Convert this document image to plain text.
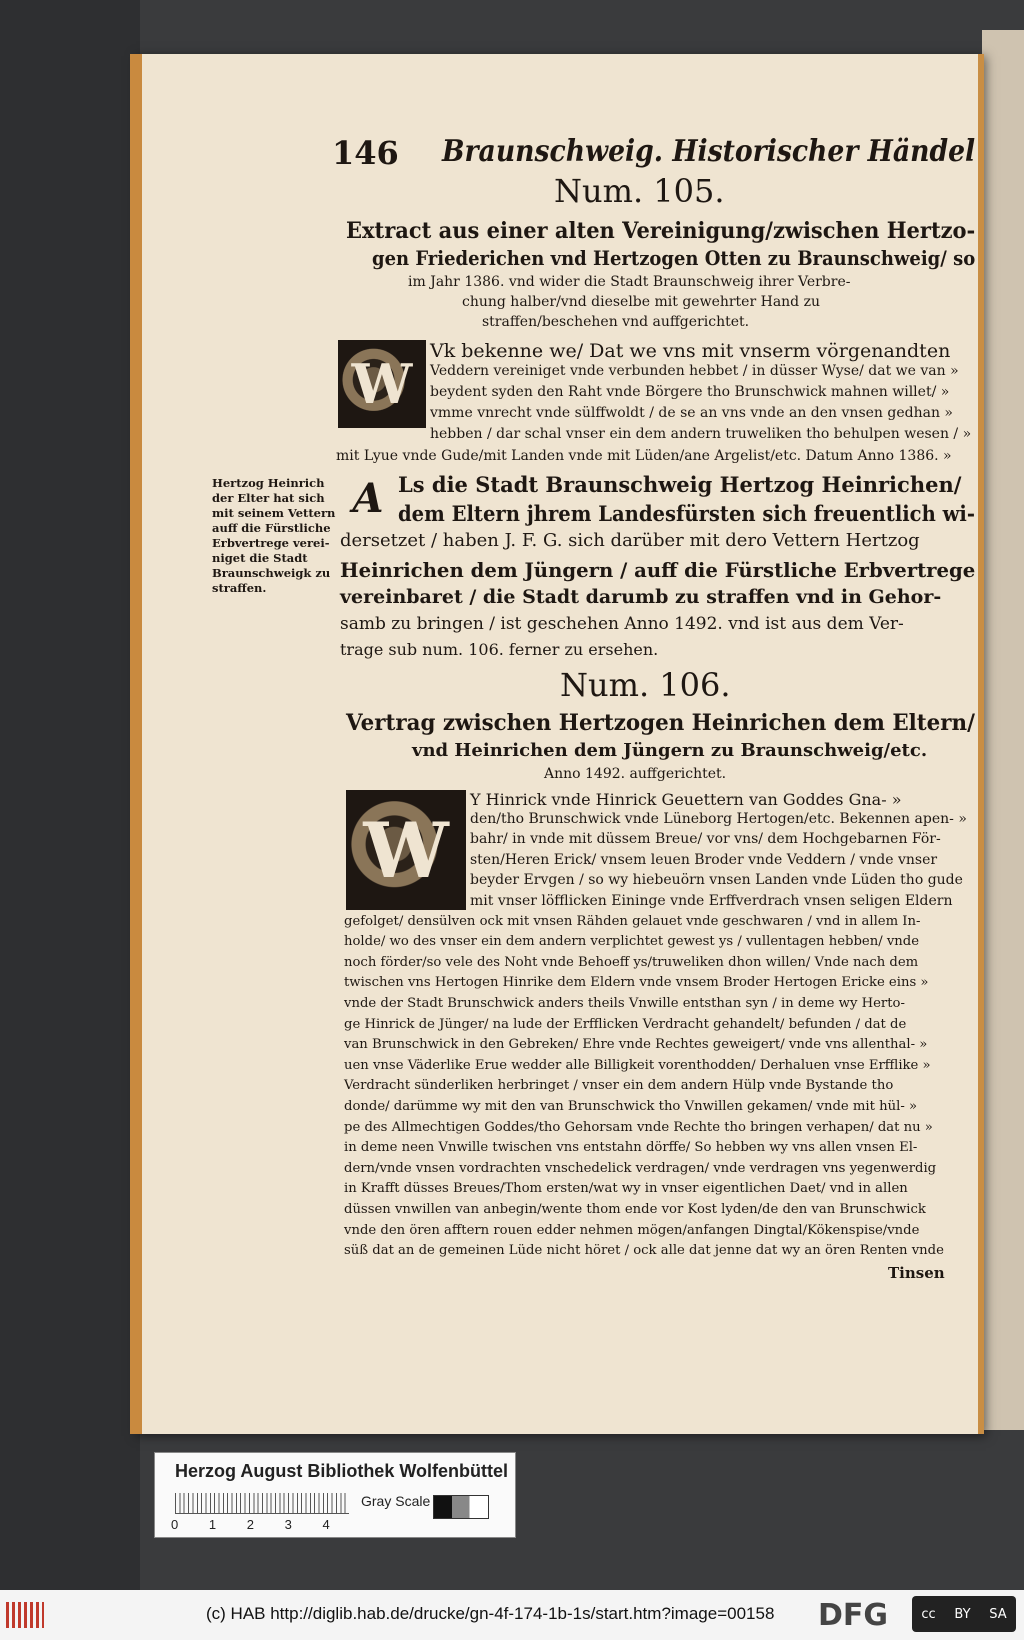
146 Braunschweig. Historischer Händel
Num. 105.
Extract aus einer alten Vereinigung/zwischen Hertzo-
gen Friederichen vnd Hertzogen Otten zu Braunschweig/ so
im Jahr 1386. vnd wider die Stadt Braunschweig ihrer Verbre-
chung halber/vnd dieselbe mit gewehrter Hand zu
straffen/beschehen vnd auffgerichtet.
W
Vk bekenne we/ Dat we vns mit vnserm vörgenandten
Veddern vereiniget vnde verbunden hebbet / in düsser Wyse/ dat we van »
beydent syden den Raht vnde Börgere tho Brunschwick mahnen willet/ »
vmme vnrecht vnde sülffwoldt / de se an vns vnde an den vnsen gedhan »
hebben / dar schal vnser ein dem andern truweliken tho behulpen wesen / »
mit Lyue vnde Gude/mit Landen vnde mit Lüden/ane Argelist/etc. Datum Anno 1386. »
Hertzog Heinrich
der Elter hat sich
mit seinem Vettern
auff die Fürstliche
Erbvertrege verei-
niget die Stadt
Braunschweigk zu
straffen.
A Ls die Stadt Braunschweig Hertzog Heinrichen/
dem Eltern jhrem Landesfürsten sich freuentlich wi-
dersetzet / haben J. F. G. sich darüber mit dero Vettern Hertzog
Heinrichen dem Jüngern / auff die Fürstliche Erbvertrege
vereinbaret / die Stadt darumb zu straffen vnd in Gehor-
samb zu bringen / ist geschehen Anno 1492. vnd ist aus dem Ver-
trage sub num. 106. ferner zu ersehen.
Num. 106.
Vertrag zwischen Hertzogen Heinrichen dem Eltern/
vnd Heinrichen dem Jüngern zu Braunschweig/etc.
Anno 1492. auffgerichtet.
W
Y Hinrick vnde Hinrick Geuettern van Goddes Gna- »
den/tho Brunschwick vnde Lüneborg Hertogen/etc. Bekennen apen- »
bahr/ in vnde mit düssem Breue/ vor vns/ dem Hochgebarnen För-
sten/Heren Erick/ vnsem leuen Broder vnde Veddern / vnde vnser
beyder Ervgen / so wy hiebeuörn vnsen Landen vnde Lüden tho gude
mit vnser löfflicken Eininge vnde Erffverdrach vnsen seligen Eldern
gefolget/ densülven ock mit vnsen Rähden gelauet vnde geschwaren / vnd in allem In-
holde/ wo des vnser ein dem andern verplichtet gewest ys / vullentagen hebben/ vnde
noch förder/so vele des Noht vnde Behoeff ys/truweliken dhon willen/ Vnde nach dem
twischen vns Hertogen Hinrike dem Eldern vnde vnsem Broder Hertogen Ericke eins »
vnde der Stadt Brunschwick anders theils Vnwille entsthan syn / in deme wy Herto-
ge Hinrick de Jünger/ na lude der Erfflicken Verdracht gehandelt/ befunden / dat de
van Brunschwick in den Gebreken/ Ehre vnde Rechtes geweigert/ vnde vns allenthal- »
uen vnse Väderlike Erue wedder alle Billigkeit vorenthodden/ Derhaluen vnse Erfflike »
Verdracht sünderliken herbringet / vnser ein dem andern Hülp vnde Bystande tho
donde/ darümme wy mit den van Brunschwick tho Vnwillen gekamen/ vnde mit hül- »
pe des Allmechtigen Goddes/tho Gehorsam vnde Rechte tho bringen verhapen/ dat nu »
in deme neen Vnwille twischen vns entstahn dörffe/ So hebben wy vns allen vnsen El-
dern/vnde vnsen vordrachten vnschedelick verdragen/ vnde verdragen vns yegenwerdig
in Krafft düsses Breues/Thom ersten/wat wy in vnser eigentlichen Daet/ vnd in allen
düssen vnwillen van anbegin/wente thom ende vor Kost lyden/de den van Brunschwick
vnde den ören afftern rouen edder nehmen mögen/anfangen Dingtal/Kökenspise/vnde
süß dat an de gemeinen Lüde nicht höret / ock alle dat jenne dat wy an ören Renten vnde
Tinsen
Herzog August Bibliothek Wolfenbüttel
Gray Scale
0 1 2 3 4
(c) HAB http://diglib.hab.de/drucke/gn-4f-174-1b-1s/start.htm?image=00158 DFG	cc BY SA
